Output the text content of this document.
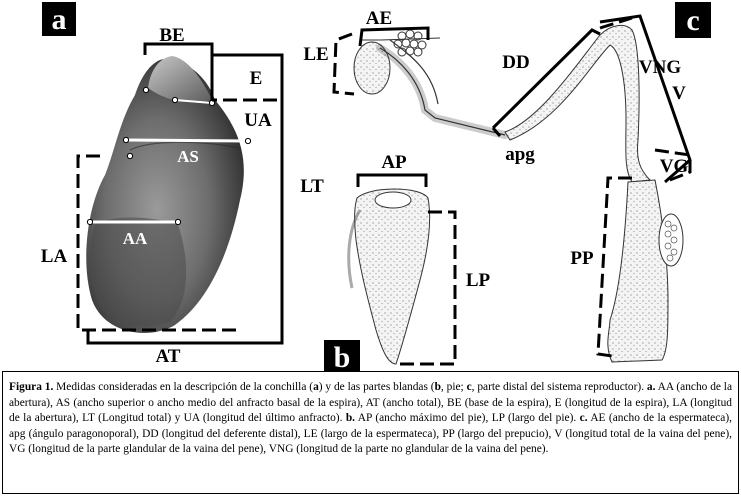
a	BE
E
UA
LT
LA
AS
AA
AT
c
AE
LE	DD
apg
VNG
V
VG
PP
AP
LP
b
Figura 1. Medidas consideradas en la descripción de la conchilla (a) y de las partes blandas (b, pie; c, parte distal del sistema reproductor). a. AA (ancho de la abertura), AS (ancho superior o ancho medio del anfracto basal de la espira), AT (ancho total), BE (base de la espira), E (longitud de la espira), LA (longitud de la abertura), LT (Longitud total) y UA (longitud del último anfracto). b. AP (ancho máximo del pie), LP (largo del pie). c. AE (ancho de la espermateca), apg (ángulo paragonoporal), DD (longitud del deferente distal), LE (largo de la espermateca), PP (largo del prepucio), V (longitud total de la vaina del pene), VG (longitud de la parte glandular de la vaina del pene), VNG (longitud de la parte no glandular de la vaina del pene).
